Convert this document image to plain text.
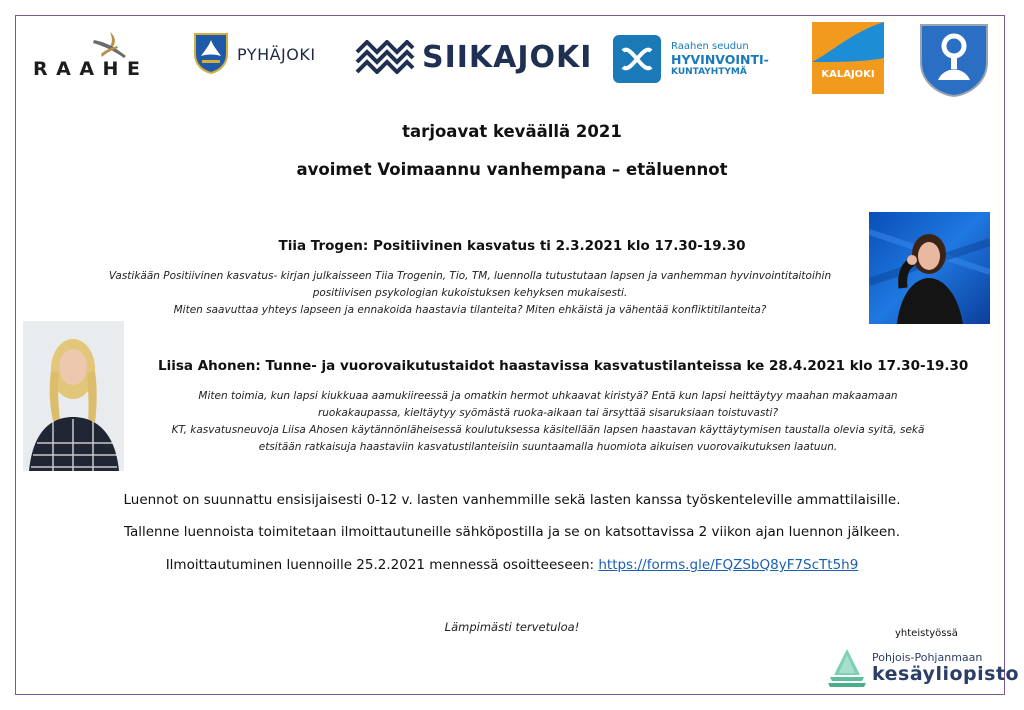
RAAHE
PYHÄJOKI	SIIKAJOKI	Raahen seudun
HYVINVOINTI-
KUNTAYHTYMÄ	KALAJOKI
tarjoavat keväällä 2021
avoimet Voimaannu vanhempana – etäluennot
Tiia Trogen: Positiivinen kasvatus ti 2.3.2021 klo 17.30-19.30
Vastikään Positiivinen kasvatus- kirjan julkaisseen Tiia Trogenin, Tio, TM, luennolla tutustutaan lapsen ja vanhemman hyvinvointitaitoihin
positiivisen psykologian kukoistuksen kehyksen mukaisesti.
Miten saavuttaa yhteys lapseen ja ennakoida haastavia tilanteita? Miten ehkäistä ja vähentää konfliktitilanteita?
Liisa Ahonen: Tunne- ja vuorovaikutustaidot haastavissa kasvatustilanteissa ke 28.4.2021 klo 17.30-19.30
Miten toimia, kun lapsi kiukkuaa aamukiireessä ja omatkin hermot uhkaavat kiristyä? Entä kun lapsi heittäytyy maahan makaamaan
ruokakaupassa, kieltäytyy syömästä ruoka-aikaan tai ärsyttää sisaruksiaan toistuvasti?
KT, kasvatusneuvoja Liisa Ahosen käytännönläheisessä koulutuksessa käsitellään lapsen haastavan käyttäytymisen taustalla olevia syitä, sekä
etsitään ratkaisuja haastaviin kasvatustilanteisiin suuntaamalla huomiota aikuisen vuorovaikutuksen laatuun.
Luennot on suunnattu ensisijaisesti 0-12 v. lasten vanhemmille sekä lasten kanssa työskenteleville ammattilaisille.
Tallenne luennoista toimitetaan ilmoittautuneille sähköpostilla ja se on katsottavissa 2 viikon ajan luennon jälkeen.
Ilmoittautuminen luennoille 25.2.2021 mennessä osoitteeseen: https://forms.gle/FQZSbQ8yF7ScTt5h9
Lämpimästi tervetuloa!	yhteistyössä
Pohjois-Pohjanmaan
kesäyliopisto
